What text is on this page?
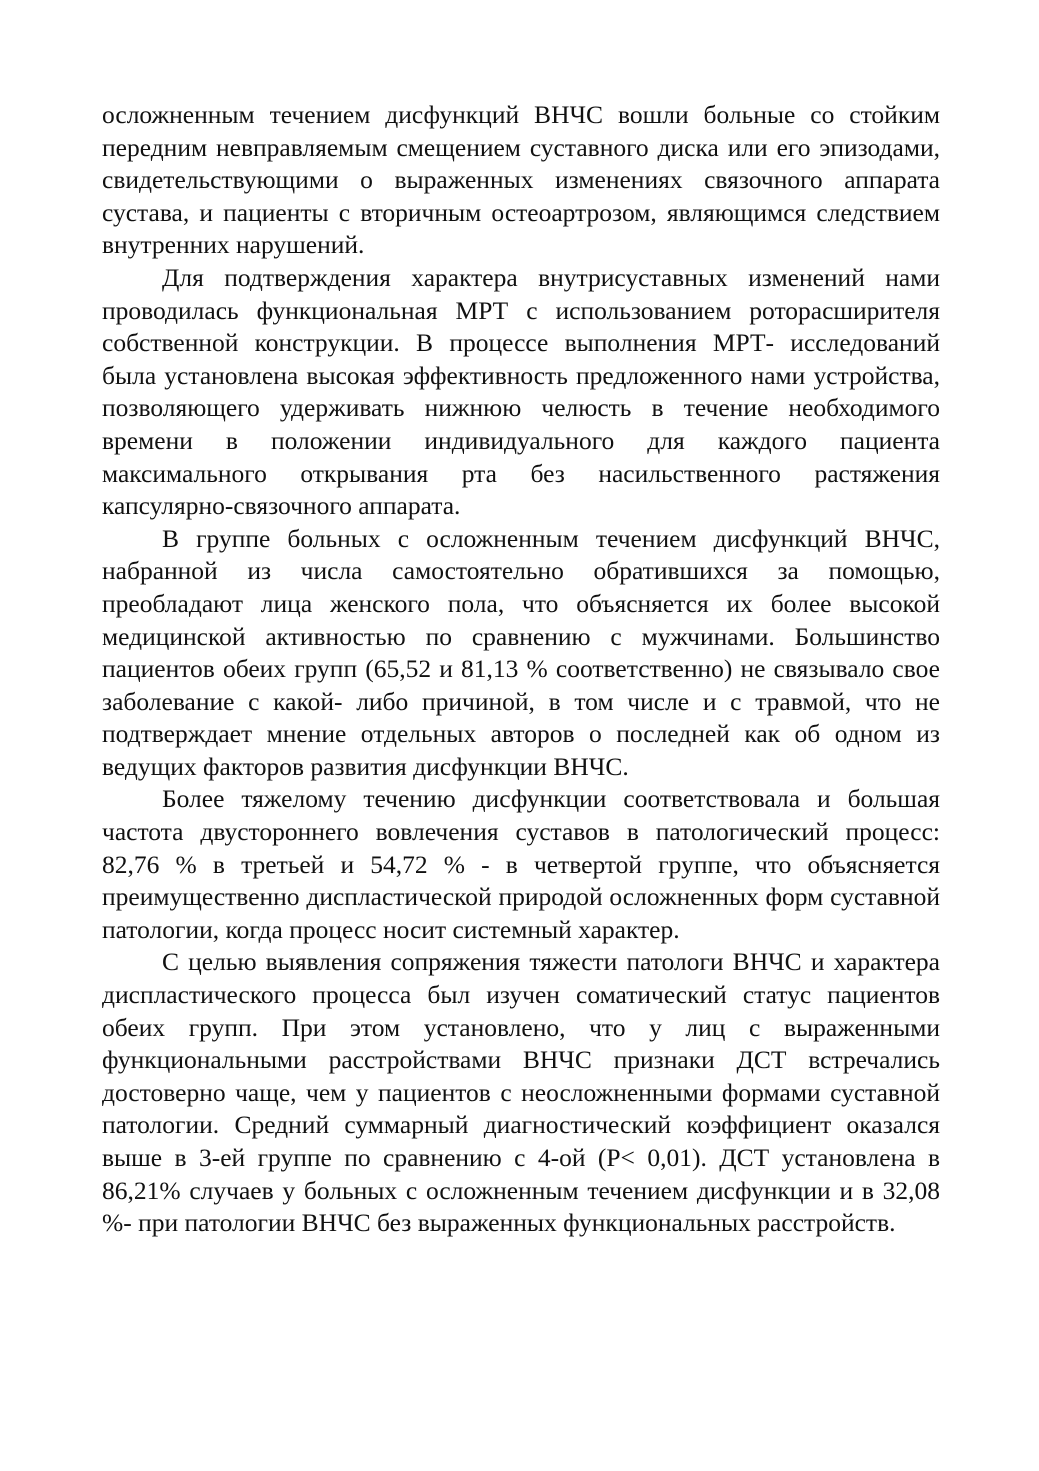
осложненным течением дисфункций ВНЧС вошли больные со стойким передним невправляемым смещением суставного диска или его эпизодами, свидетельствующими о выраженных изменениях связочного аппарата сустава, и пациенты с вторичным остеоартрозом, являющимся следствием внутренних нарушений.

Для подтверждения характера внутрисуставных изменений нами проводилась функциональная МРТ с использованием роторасширителя собственной конструкции. В процессе выполнения МРТ- исследований была установлена высокая эффективность предложенного нами устройства, позволяющего удерживать нижнюю челюсть в течение необходимого времени в положении индивидуального для каждого пациента максимального открывания рта без насильственного растяжения капсулярно-связочного аппарата.

В группе больных с осложненным течением дисфункций ВНЧС, набранной из числа самостоятельно обратившихся за помощью, преобладают лица женского пола, что объясняется их более высокой медицинской активностью по сравнению с мужчинами. Большинство пациентов обеих групп (65,52 и 81,13 % соответственно) не связывало свое заболевание с какой- либо причиной, в том числе и с травмой, что не подтверждает мнение отдельных авторов о последней как об одном из ведущих факторов развития дисфункции ВНЧС.

Более тяжелому течению дисфункции соответствовала и большая частота двустороннего вовлечения суставов в патологический процесс: 82,76 % в третьей и 54,72 % - в четвертой группе, что объясняется преимущественно диспластической природой осложненных форм суставной патологии, когда процесс носит системный характер.

С целью выявления сопряжения тяжести патологи ВНЧС и характера диспластического процесса был изучен соматический статус пациентов обеих групп. При этом установлено, что у лиц с выраженными функциональными расстройствами ВНЧС признаки ДСТ встречались достоверно чаще, чем у пациентов с неосложненными формами суставной патологии. Средний суммарный диагностический коэффициент оказался выше в 3-ей группе по сравнению с 4-ой (Р< 0,01). ДСТ установлена в 86,21% случаев у больных с осложненным течением дисфункции и в 32,08 %- при патологии ВНЧС без выраженных функциональных расстройств.
